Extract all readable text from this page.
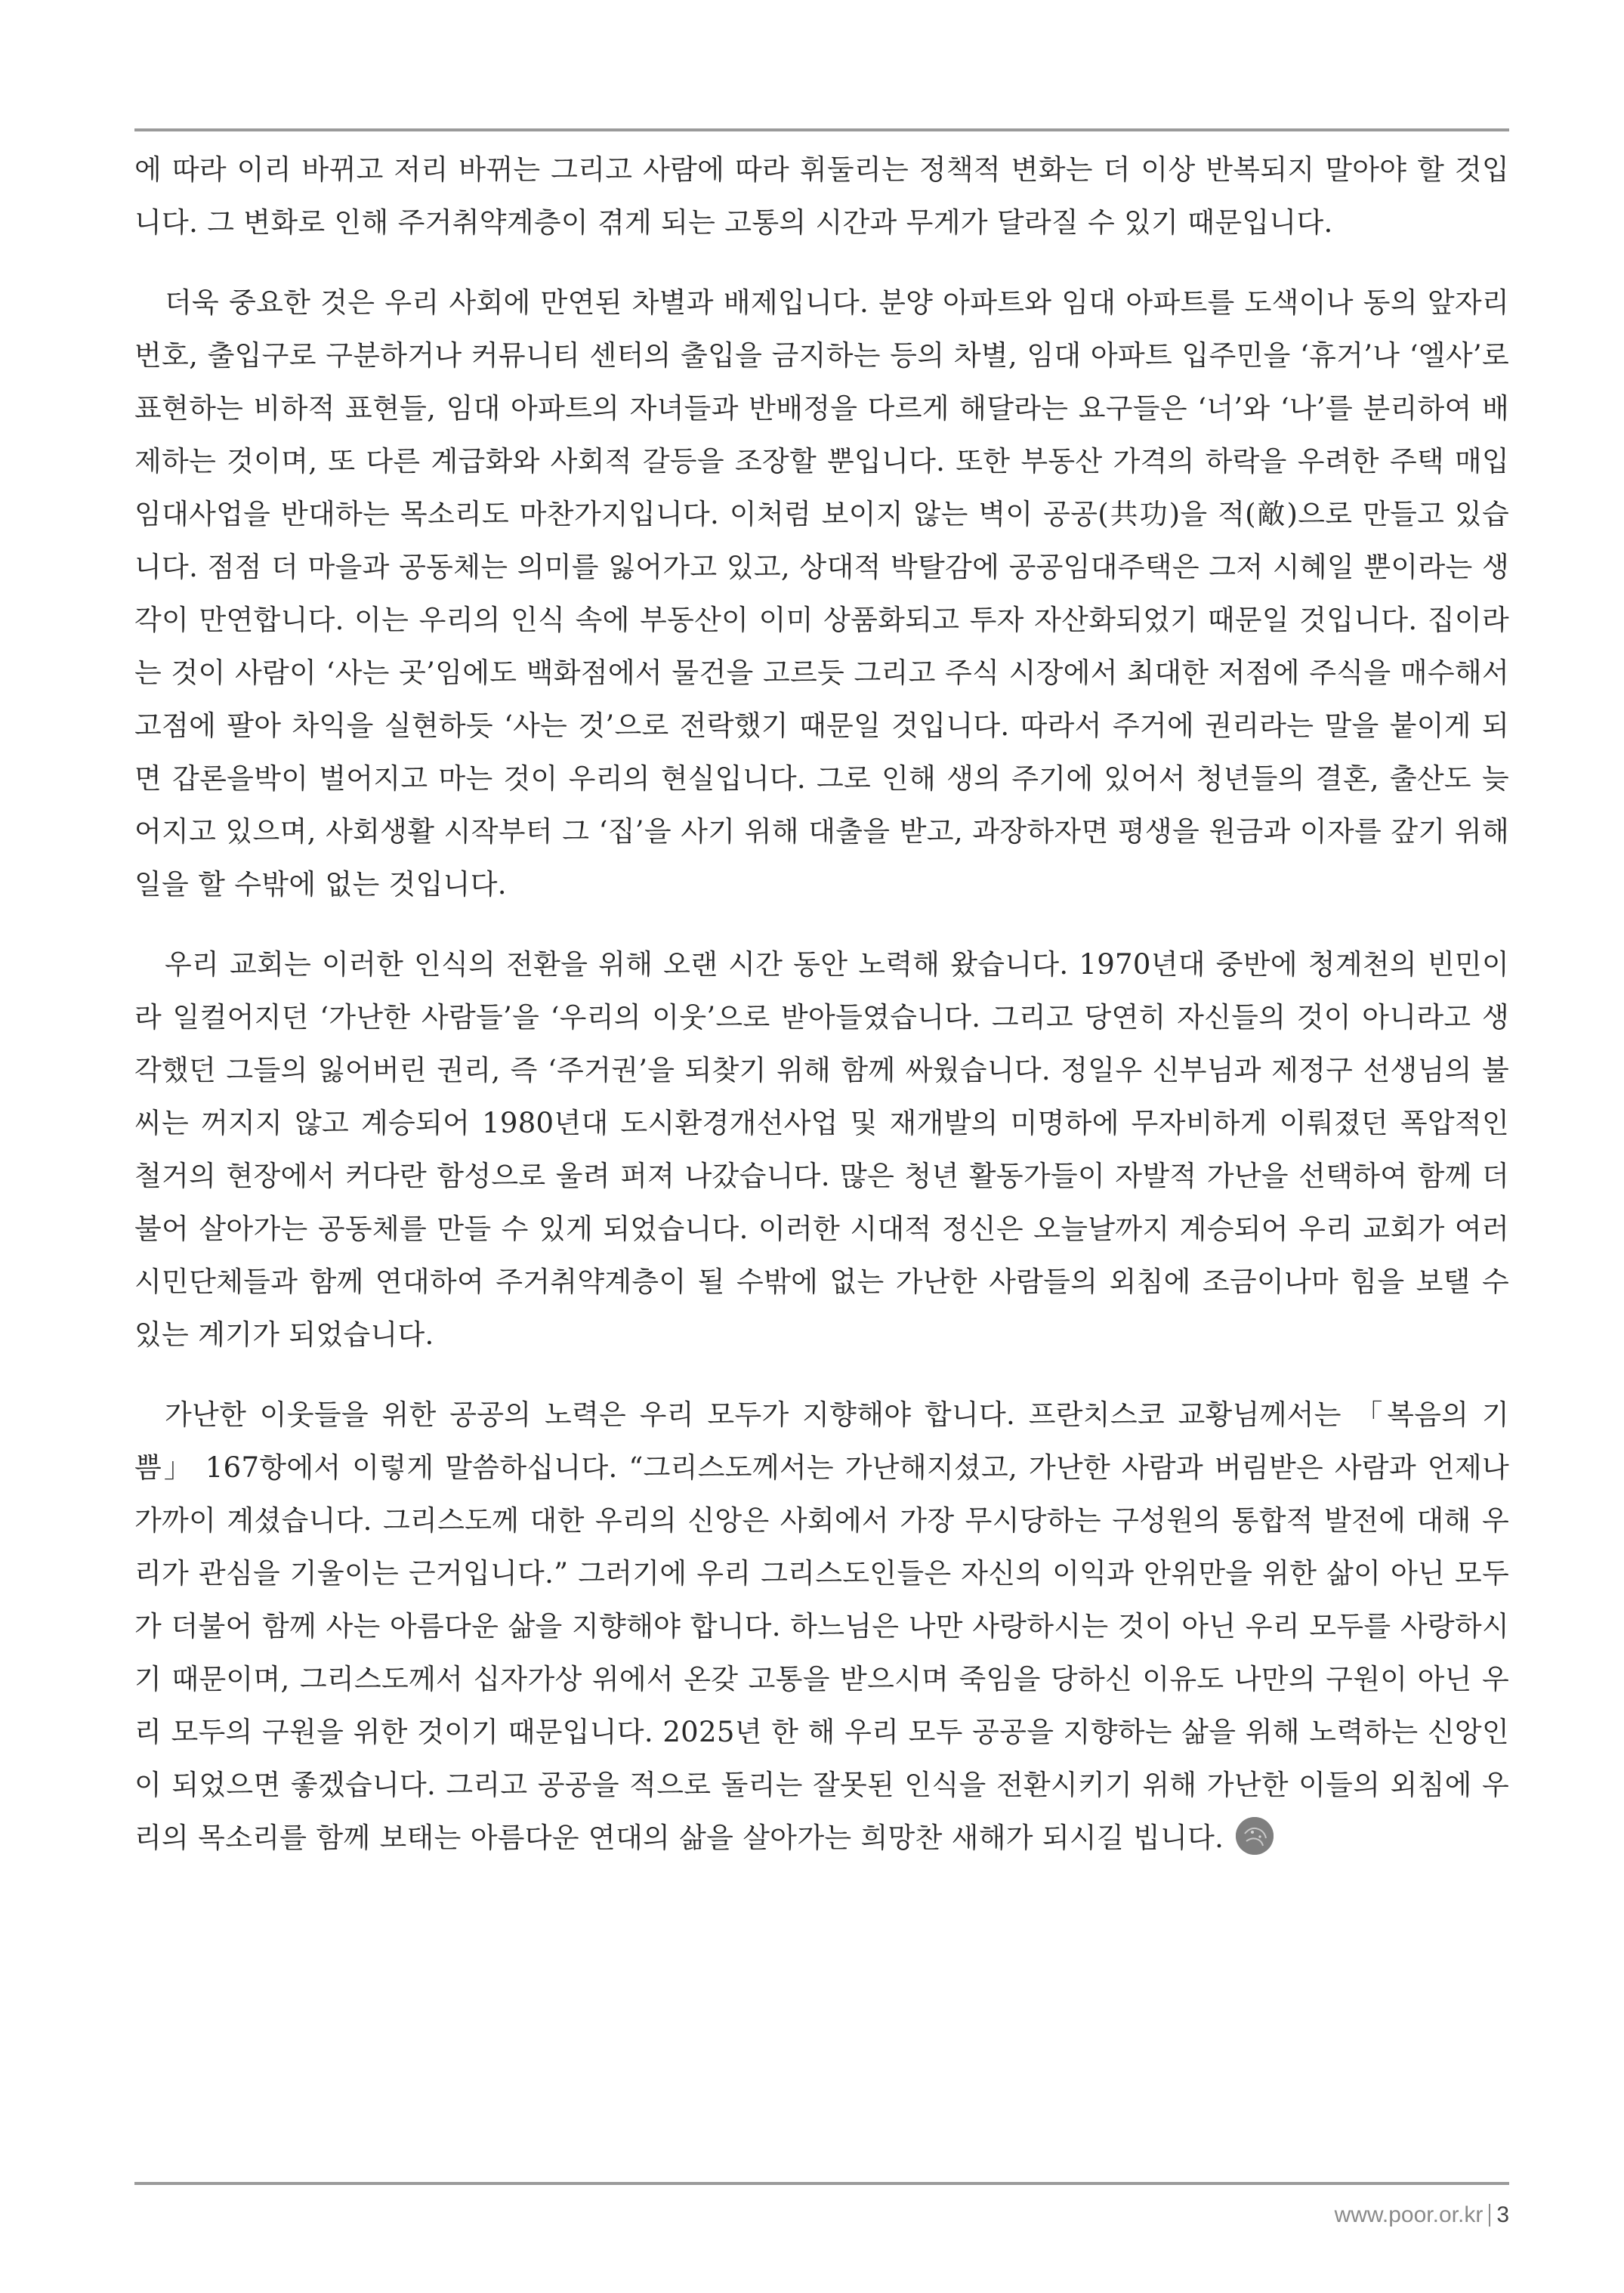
에 따라 이리 바뀌고 저리 바뀌는 그리고 사람에 따라 휘둘리는 정책적 변화는 더 이상 반복되지 말아야 할 것입니다. 그 변화로 인해 주거취약계층이 겪게 되는 고통의 시간과 무게가 달라질 수 있기 때문입니다.

더욱 중요한 것은 우리 사회에 만연된 차별과 배제입니다. 분양 아파트와 임대 아파트를 도색이나 동의 앞자리 번호, 출입구로 구분하거나 커뮤니티 센터의 출입을 금지하는 등의 차별, 임대 아파트 입주민을 ‘휴거’나 ‘엘사’로 표현하는 비하적 표현들, 임대 아파트의 자녀들과 반배정을 다르게 해달라는 요구들은 ‘너’와 ‘나’를 분리하여 배제하는 것이며, 또 다른 계급화와 사회적 갈등을 조장할 뿐입니다. 또한 부동산 가격의 하락을 우려한 주택 매입임대사업을 반대하는 목소리도 마찬가지입니다. 이처럼 보이지 않는 벽이 공공(共功)을 적(敵)으로 만들고 있습니다. 점점 더 마을과 공동체는 의미를 잃어가고 있고, 상대적 박탈감에 공공임대주택은 그저 시혜일 뿐이라는 생각이 만연합니다. 이는 우리의 인식 속에 부동산이 이미 상품화되고 투자 자산화되었기 때문일 것입니다. 집이라는 것이 사람이 ‘사는 곳’임에도 백화점에서 물건을 고르듯 그리고 주식 시장에서 최대한 저점에 주식을 매수해서 고점에 팔아 차익을 실현하듯 ‘사는 것’으로 전락했기 때문일 것입니다. 따라서 주거에 권리라는 말을 붙이게 되면 갑론을박이 벌어지고 마는 것이 우리의 현실입니다. 그로 인해 생의 주기에 있어서 청년들의 결혼, 출산도 늦어지고 있으며, 사회생활 시작부터 그 ‘집’을 사기 위해 대출을 받고, 과장하자면 평생을 원금과 이자를 갚기 위해 일을 할 수밖에 없는 것입니다.

우리 교회는 이러한 인식의 전환을 위해 오랜 시간 동안 노력해 왔습니다. 1970년대 중반에 청계천의 빈민이라 일컬어지던 ‘가난한 사람들’을 ‘우리의 이웃’으로 받아들였습니다. 그리고 당연히 자신들의 것이 아니라고 생각했던 그들의 잃어버린 권리, 즉 ‘주거권’을 되찾기 위해 함께 싸웠습니다. 정일우 신부님과 제정구 선생님의 불씨는 꺼지지 않고 계승되어 1980년대 도시환경개선사업 및 재개발의 미명하에 무자비하게 이뤄졌던 폭압적인 철거의 현장에서 커다란 함성으로 울려 퍼져 나갔습니다. 많은 청년 활동가들이 자발적 가난을 선택하여 함께 더불어 살아가는 공동체를 만들 수 있게 되었습니다. 이러한 시대적 정신은 오늘날까지 계승되어 우리 교회가 여러 시민단체들과 함께 연대하여 주거취약계층이 될 수밖에 없는 가난한 사람들의 외침에 조금이나마 힘을 보탤 수 있는 계기가 되었습니다.

가난한 이웃들을 위한 공공의 노력은 우리 모두가 지향해야 합니다. 프란치스코 교황님께서는 「복음의 기쁨」 167항에서 이렇게 말씀하십니다. “그리스도께서는 가난해지셨고, 가난한 사람과 버림받은 사람과 언제나 가까이 계셨습니다. 그리스도께 대한 우리의 신앙은 사회에서 가장 무시당하는 구성원의 통합적 발전에 대해 우리가 관심을 기울이는 근거입니다.” 그러기에 우리 그리스도인들은 자신의 이익과 안위만을 위한 삶이 아닌 모두가 더불어 함께 사는 아름다운 삶을 지향해야 합니다. 하느님은 나만 사랑하시는 것이 아닌 우리 모두를 사랑하시기 때문이며, 그리스도께서 십자가상 위에서 온갖 고통을 받으시며 죽임을 당하신 이유도 나만의 구원이 아닌 우리 모두의 구원을 위한 것이기 때문입니다. 2025년 한 해 우리 모두 공공을 지향하는 삶을 위해 노력하는 신앙인이 되었으면 좋겠습니다. 그리고 공공을 적으로 돌리는 잘못된 인식을 전환시키기 위해 가난한 이들의 외침에 우리의 목소리를 함께 보태는 아름다운 연대의 삶을 살아가는 희망찬 새해가 되시길 빕니다.

www.poor.or.kr 3
